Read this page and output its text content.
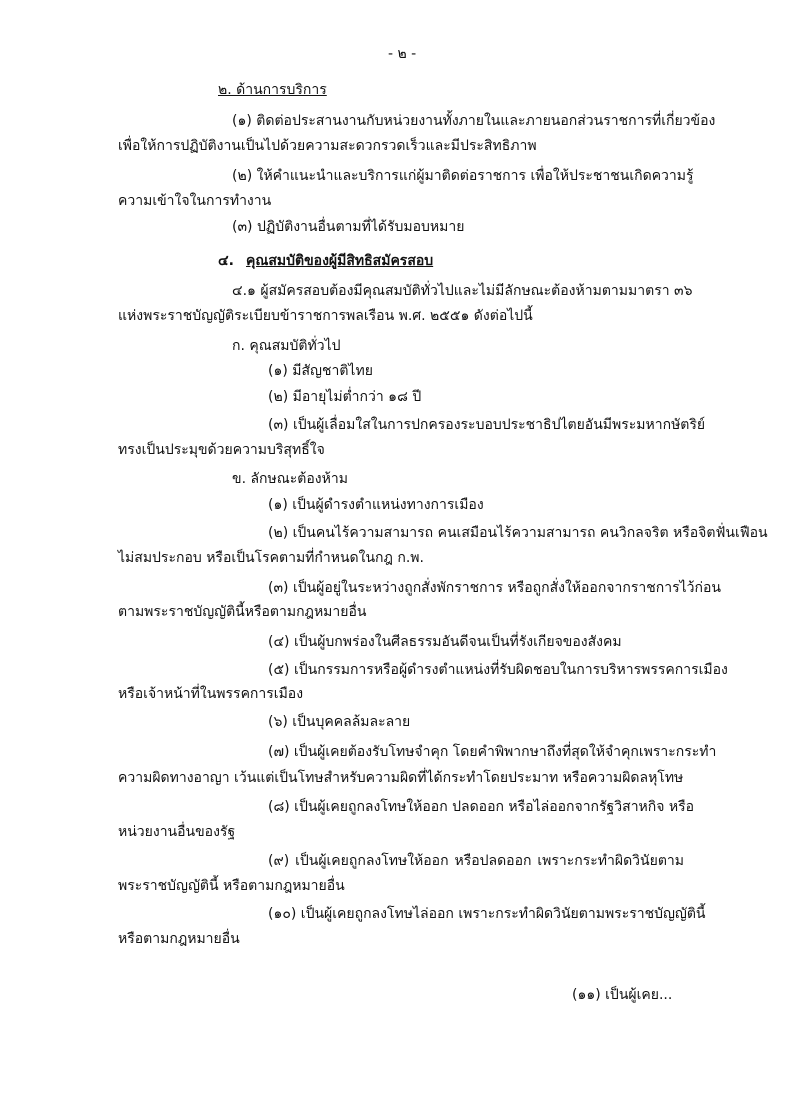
- ๒ -
๒. ด้านการบริการ
(๑) ติดต่อประสานงานกับหน่วยงานทั้งภายในและภายนอกส่วนราชการที่เกี่ยวข้อง
เพื่อให้การปฏิบัติงานเป็นไปด้วยความสะดวกรวดเร็วและมีประสิทธิภาพ
(๒) ให้คำแนะนำและบริการแก่ผู้มาติดต่อราชการ เพื่อให้ประชาชนเกิดความรู้
ความเข้าใจในการทำงาน
(๓) ปฏิบัติงานอื่นตามที่ได้รับมอบหมาย
๔. คุณสมบัติของผู้มีสิทธิสมัครสอบ
๔.๑ ผู้สมัครสอบต้องมีคุณสมบัติทั่วไปและไม่มีลักษณะต้องห้ามตามมาตรา ๓๖
แห่งพระราชบัญญัติระเบียบข้าราชการพลเรือน พ.ศ. ๒๕๕๑ ดังต่อไปนี้
ก. คุณสมบัติทั่วไป
(๑) มีสัญชาติไทย
(๒) มีอายุไม่ต่ำกว่า ๑๘ ปี
(๓) เป็นผู้เลื่อมใสในการปกครองระบอบประชาธิปไตยอันมีพระมหากษัตริย์
ทรงเป็นประมุขด้วยความบริสุทธิ์ใจ
ข. ลักษณะต้องห้าม
(๑) เป็นผู้ดำรงตำแหน่งทางการเมือง
(๒) เป็นคนไร้ความสามารถ คนเสมือนไร้ความสามารถ คนวิกลจริต หรือจิตฟั่นเฟือน
ไม่สมประกอบ หรือเป็นโรคตามที่กำหนดในกฎ ก.พ.
(๓) เป็นผู้อยู่ในระหว่างถูกสั่งพักราชการ หรือถูกสั่งให้ออกจากราชการไว้ก่อน
ตามพระราชบัญญัตินี้หรือตามกฎหมายอื่น
(๔) เป็นผู้บกพร่องในศีลธรรมอันดีจนเป็นที่รังเกียจของสังคม
(๕) เป็นกรรมการหรือผู้ดำรงตำแหน่งที่รับผิดชอบในการบริหารพรรคการเมือง
หรือเจ้าหน้าที่ในพรรคการเมือง
(๖) เป็นบุคคลล้มละลาย
(๗) เป็นผู้เคยต้องรับโทษจำคุก โดยคำพิพากษาถึงที่สุดให้จำคุกเพราะกระทำ
ความผิดทางอาญา เว้นแต่เป็นโทษสำหรับความผิดที่ได้กระทำโดยประมาท หรือความผิดลหุโทษ
(๘) เป็นผู้เคยถูกลงโทษให้ออก ปลดออก หรือไล่ออกจากรัฐวิสาหกิจ หรือ
หน่วยงานอื่นของรัฐ
(๙) เป็นผู้เคยถูกลงโทษให้ออก หรือปลดออก เพราะกระทำผิดวินัยตาม
พระราชบัญญัตินี้ หรือตามกฎหมายอื่น
(๑๐) เป็นผู้เคยถูกลงโทษไล่ออก เพราะกระทำผิดวินัยตามพระราชบัญญัตินี้
หรือตามกฎหมายอื่น
(๑๑) เป็นผู้เคย...
